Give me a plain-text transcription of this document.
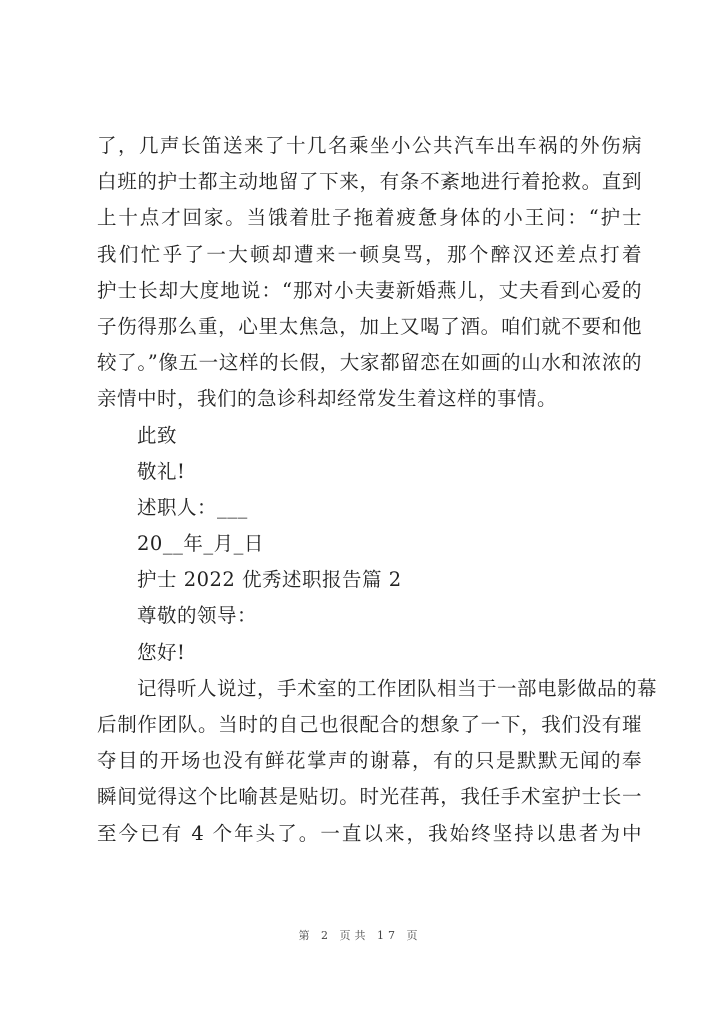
了，几声长笛送来了十几名乘坐小公共汽车出车祸的外伤病
白班的护士都主动地留了下来，有条不紊地进行着抢救。直到
上十点才回家。当饿着肚子拖着疲惫身体的小王问：“护士
我们忙乎了一大顿却遭来一顿臭骂，那个醉汉还差点打着
护士长却大度地说：“那对小夫妻新婚燕儿，丈夫看到心爱的
子伤得那么重，心里太焦急，加上又喝了酒。咱们就不要和他
较了。”像五一这样的长假，大家都留恋在如画的山水和浓浓的
亲情中时，我们的急诊科却经常发生着这样的事情。
此致
敬礼!
述职人：___
20__年_月_日
护士 2022 优秀述职报告篇 2
尊敬的领导：
您好!
记得听人说过，手术室的工作团队相当于一部电影做品的幕
后制作团队。当时的自己也很配合的想象了一下，我们没有璀
夺目的开场也没有鲜花掌声的谢幕，有的只是默默无闻的奉
瞬间觉得这个比喻甚是贴切。时光荏苒，我任手术室护士长一
至今已有 4 个年头了。一直以来，我始终坚持以患者为中
第 2 页共 17 页
